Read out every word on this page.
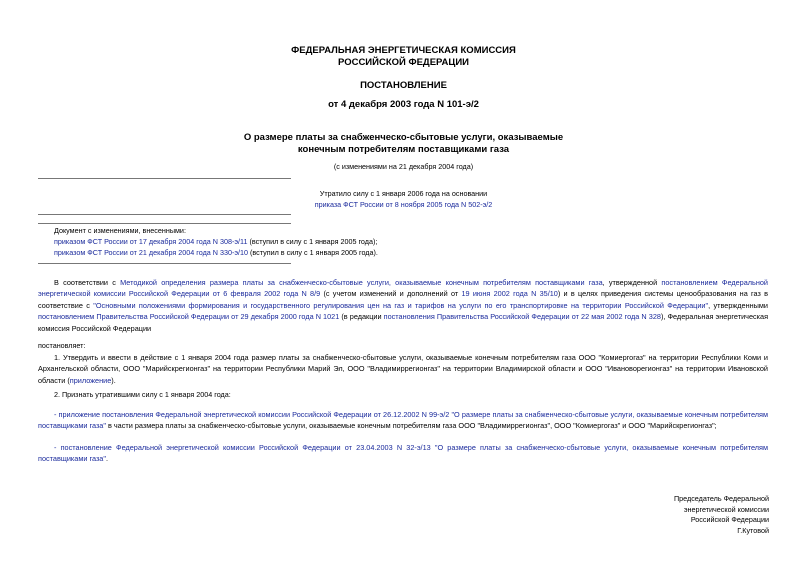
ФЕДЕРАЛЬНАЯ ЭНЕРГЕТИЧЕСКАЯ КОМИССИЯ
РОССИЙСКОЙ ФЕДЕРАЦИИ
ПОСТАНОВЛЕНИЕ
от 4 декабря 2003 года N 101-э/2
О размере платы за снабженческо-сбытовые услуги, оказываемые
конечным потребителям поставщиками газа
(с изменениями на 21 декабря 2004 года)
Утратило силу с 1 января 2006 года на основании
приказа ФСТ России от 8 ноября 2005 года N 502-э/2
Документ с изменениями, внесенными:
приказом ФСТ России от 17 декабря 2004 года N 308-э/11 (вступил в силу с 1 января 2005 года);
приказом ФСТ России от 21 декабря 2004 года N 330-э/10 (вступил в силу с 1 января 2005 года).
В соответствии с Методикой определения размера платы за снабженческо-сбытовые услуги, оказываемые конечным потребителям поставщиками газа, утвержденной постановлением Федеральной энергетической комиссии Российской Федерации от 6 февраля 2002 года N 8/9 (с учетом изменений и дополнений от 19 июня 2002 года N 35/10) и в целях приведения системы ценообразования на газ в соответствие с "Основными положениями формирования и государственного регулирования цен на газ и тарифов на услуги по его транспортировке на территории Российской Федерации", утвержденными постановлением Правительства Российской Федерации от 29 декабря 2000 года N 1021 (в редакции постановления Правительства Российской Федерации от 22 мая 2002 года N 328), Федеральная энергетическая комиссия Российской Федерации
постановляет:
1. Утвердить и ввести в действие с 1 января 2004 года размер платы за снабженческо-сбытовые услуги, оказываемые конечным потребителям газа ООО "Комиергогаз" на территории Республики Коми и Архангельской области, ООО "Марийскрегионгаз" на территории Республики Марий Эл, ООО "Владимиррегионгаз" на территории Владимирской области и ООО "Ивановорегионгаз" на территории Ивановской области (приложение).
2. Признать утратившими силу с 1 января 2004 года:
- приложение постановления Федеральной энергетической комиссии Российской Федерации от 26.12.2002 N 99-э/2 "О размере платы за снабженческо-сбытовые услуги, оказываемые конечным потребителям поставщиками газа" в части размера платы за снабженческо-сбытовые услуги, оказываемые конечным потребителям газа ООО "Владимиррегионгаз", ООО "Комиергогаз" и ООО "Марийскрегионгаз";
- постановление Федеральной энергетической комиссии Российской Федерации от 23.04.2003 N 32-э/13 "О размере платы за снабженческо-сбытовые услуги, оказываемые конечным потребителям поставщиками газа".
Председатель Федеральной
энергетической комиссии
Российской Федерации
Г.Кутовой
